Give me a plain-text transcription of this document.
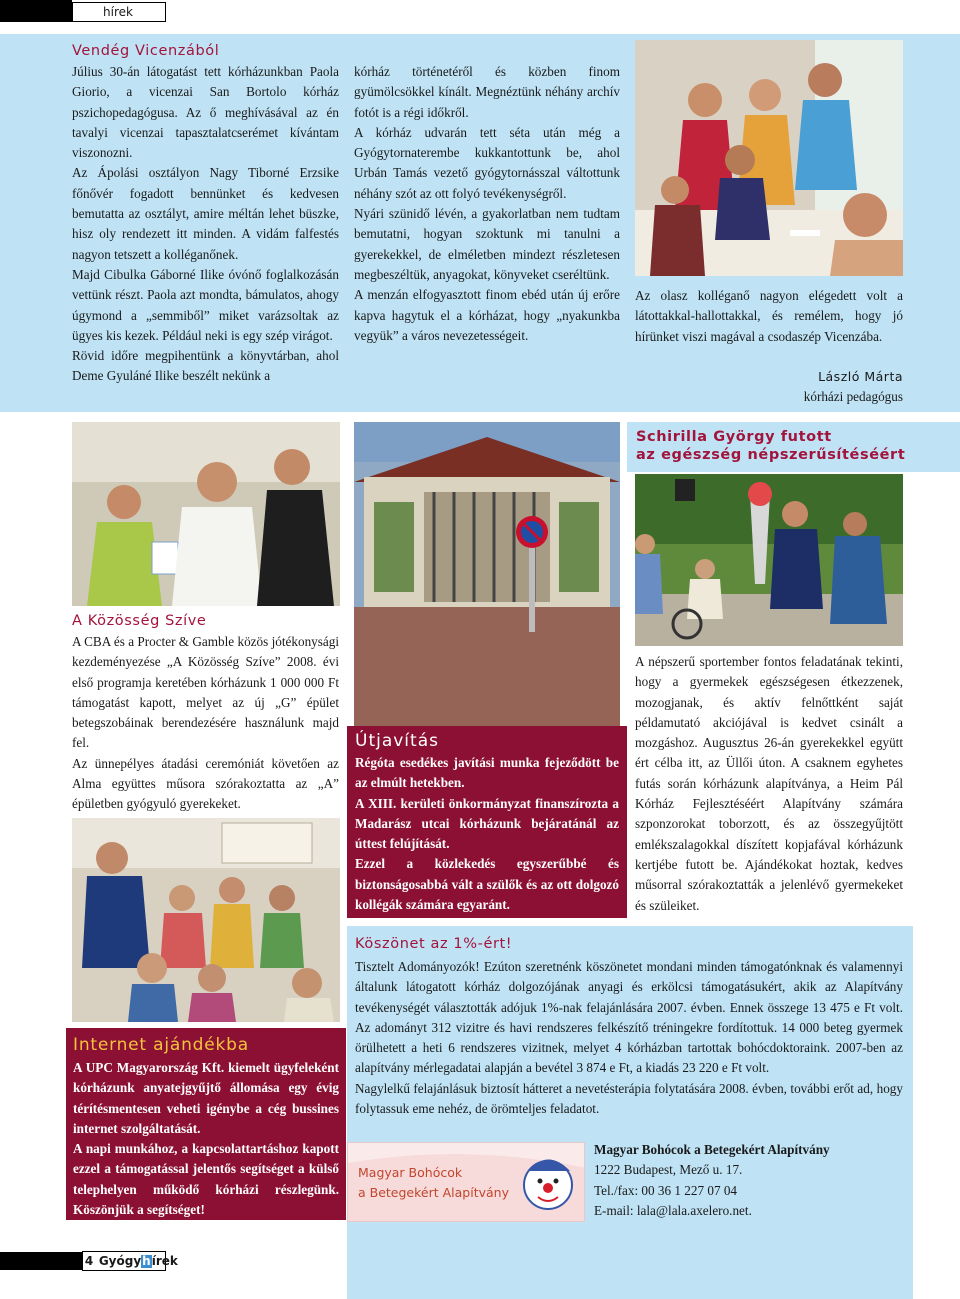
hírek
Vendég Vicenzából

Július 30-án látogatást tett kórházunkban Paola Giorio, a vicenzai San Bortolo kórház pszichopedagógusa. Az ő meghívásával az én tavalyi vicenzai tapasztalatcserémet kívántam viszonozni.

Az Ápolási osztályon Nagy Tiborné Erzsike főnővér fogadott bennünket és kedvesen bemutatta az osztályt, amire méltán lehet büszke, hisz oly rendezett itt minden. A vidám falfestés nagyon tetszett a kolléganőnek.

Majd Cibulka Gáborné Ilike óvónő foglalkozásán vettünk részt. Paola azt mondta, bámulatos, ahogy úgymond a „semmiből” miket varázsoltak az ügyes kis kezek. Például neki is egy szép virágot.

Rövid időre megpihentünk a könyvtárban, ahol Deme Gyuláné Ilike beszélt nekünk a

kórház történetéről és közben finom gyümölcsökkel kínált. Megnéztünk néhány archív fotót is a régi időkről.

A kórház udvarán tett séta után még a Gyógytornaterembe kukkantottunk be, ahol Urbán Tamás vezető gyógytornásszal váltottunk néhány szót az ott folyó tevékenységről.

Nyári szünidő lévén, a gyakorlatban nem tudtam bemutatni, hogyan szoktunk mi tanulni a gyerekekkel, de elméletben mindezt részletesen megbeszéltük, anyagokat, könyveket cseréltünk.

A menzán elfogyasztott finom ebéd után új erőre kapva hagytuk el a kórházat, hogy „nyakunkba vegyük” a város nevezetességeit.

Az olasz kolléganő nagyon elégedett volt a látottakkal-hallottakkal, és remélem, hogy jó hírünket viszi magával a csodaszép Vicenzába.

László Márta
kórházi pedagógus
Schirilla György futott
az egészség népszerűsítéséért
A Közösség Szíve

A CBA és a Procter & Gamble közös jótékonysági kezdeményezése „A Közösség Szíve” 2008. évi első programja keretében kórházunk 1 000 000 Ft támogatást kapott, melyet az új „G” épület betegszobáinak berendezésére használunk majd fel.

Az ünnepélyes átadási ceremóniát követően az Alma együttes műsora szórakoztatta az „A” épületben gyógyuló gyerekeket.

Útjavítás

Régóta esedékes javítási munka fejeződött be az elmúlt hetekben.

A XIII. kerületi önkormányzat finanszírozta a Madarász utcai kórházunk bejáratánál az úttest felújítását.

Ezzel a közlekedés egyszerűbbé és biztonságosabbá vált a szülők és az ott dolgozó kollégák számára egyaránt.

A népszerű sportember fontos feladatának tekinti, hogy a gyermekek egészségesen étkezzenek, mozogjanak, és aktív felnőttként saját példamutató akciójával is kedvet csinált a mozgáshoz. Augusztus 26-án gyerekekkel együtt ért célba itt, az Üllői úton. A csaknem egyhetes futás során kórházunk alapítványa, a Heim Pál Kórház Fejlesztéséért Alapítvány számára szponzorokat toborzott, és az összegyűjtött emlékszalagokkal díszített kopjafával kórházunk kertjébe futott be. Ajándékokat hoztak, kedves műsorral szórakoztatták a jelenlévő gyermekeket és szüleiket.

Internet ajándékba

A UPC Magyarország Kft. kiemelt ügyfeleként kórházunk anyatejgyűjtő állomása egy évig térítésmentesen veheti igénybe a cég bussines internet szolgáltatását.

A napi munkához, a kapcsolattartáshoz kapott ezzel a támogatással jelentős segítséget a külső telephelyen működő kórházi részlegünk. Köszönjük a segítséget!

Köszönet az 1%-ért!

Tisztelt Adományozók! Ezúton szeretnénk köszönetet mondani minden támogatónknak és valamennyi általunk látogatott kórház dolgozójának anyagi és erkölcsi támogatásukért, akik az Alapítvány tevékenységét választották adójuk 1%-nak felajánlására 2007. évben. Ennek összege 13 475 e Ft volt. Az adományt 312 vizitre és havi rendszeres felkészítő tréningekre fordítottuk. 14 000 beteg gyermek örülhetett a heti 6 rendszeres vizitnek, melyet 4 kórházban tartottak bohócdoktoraink. 2007-ben az alapítvány mérlegadatai alapján a bevétel 3 874 e Ft, a kiadás 23 220 e Ft volt.

Nagylelkű felajánlásuk biztosít hátteret a nevetésterápia folytatására 2008. évben, további erőt ad, hogy folytassuk eme nehéz, de örömteljes feladatot.

Magyar Bohócok
a Betegekért Alapítvány
Magyar Bohócok a Betegekért Alapítvány
1222 Budapest, Mező u. 17.
Tel./fax: 00 36 1 227 07 04
E-mail: lala@lala.axelero.net.
4 Gyógyhírek
